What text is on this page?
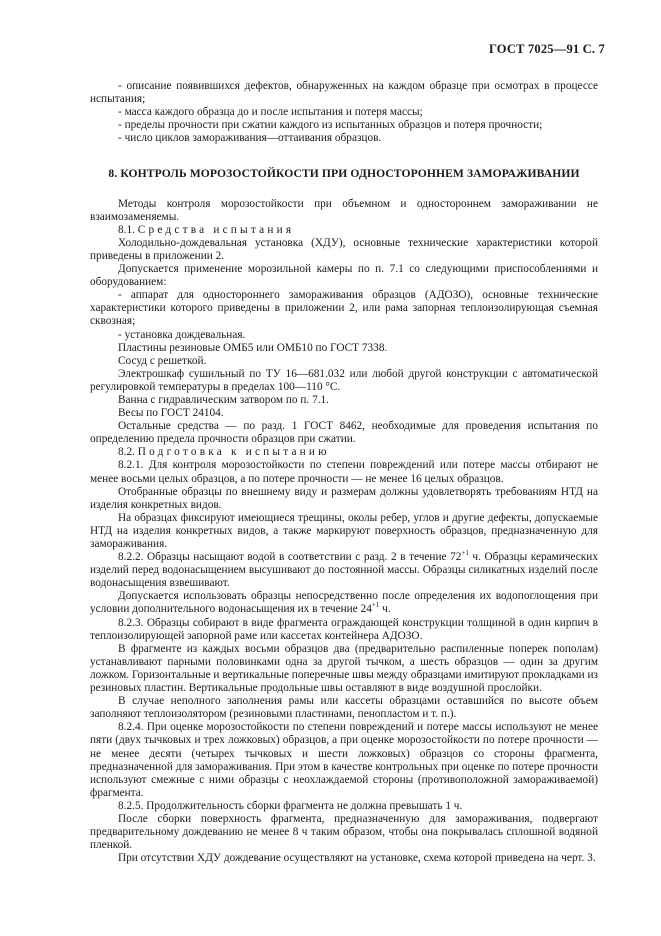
ГОСТ 7025—91 С. 7

- описание появившихся дефектов, обнаруженных на каждом образце при осмотрах в процессе испытания;

- масса каждого образца до и после испытания и потеря массы;

- пределы прочности при сжатии каждого из испытанных образцов и потеря прочности;

- число циклов замораживания—оттаивания образцов.

8. КОНТРОЛЬ МОРОЗОСТОЙКОСТИ ПРИ ОДНОСТОРОННЕМ ЗАМОРАЖИВАНИИ

Методы контроля морозостойкости при объемном и одностороннем замораживании не взаимозаменяемы.

8.1. Средства испытания

Холодильно-дождевальная установка (ХДУ), основные технические характеристики которой приведены в приложении 2.

Допускается применение морозильной камеры по п. 7.1 со следующими приспособлениями и оборудованием:

- аппарат для одностороннего замораживания образцов (АДОЗО), основные технические характеристики которого приведены в приложении 2, или рама запорная теплоизолирующая съемная сквозная;

- установка дождевальная.

Пластины резиновые ОМБ5 или ОМБ10 по ГОСТ 7338.

Сосуд с решеткой.

Электрошкаф сушильный по ТУ 16—681.032 или любой другой конструкции с автоматической регулировкой температуры в пределах 100—110 °С.

Ванна с гидравлическим затвором по п. 7.1.

Весы по ГОСТ 24104.

Остальные средства — по разд. 1 ГОСТ 8462, необходимые для проведения испытания по определению предела прочности образцов при сжатии.

8.2. Подготовка к испытанию

8.2.1. Для контроля морозостойкости по степени повреждений или потере массы отбирают не менее восьми целых образцов, а по потере прочности — не менее 16 целых образцов.

Отобранные образцы по внешнему виду и размерам должны удовлетворять требованиям НТД на изделия конкретных видов.

На образцах фиксируют имеющиеся трещины, околы ребер, углов и другие дефекты, допускаемые НТД на изделия конкретных видов, а также маркируют поверхность образцов, предназначенную для замораживания.

8.2.2. Образцы насыщают водой в соответствии с разд. 2 в течение $72^{+1}$ ч. Образцы керамических изделий перед водонасыщением высушивают до постоянной массы. Образцы силикатных изделий после водонасыщения взвешивают.

Допускается использовать образцы непосредственно после определения их водопоглощения при условии дополнительного водонасыщения их в течение $24^{+1}$ ч.

8.2.3. Образцы собирают в виде фрагмента ограждающей конструкции толщиной в один кирпич в теплоизолирующей запорной раме или кассетах контейнера АДОЗО.

В фрагменте из каждых восьми образцов два (предварительно распиленные поперек пополам) устанавливают парными половинками одна за другой тычком, а шесть образцов — один за другим ложком. Горизонтальные и вертикальные поперечные швы между образцами имитируют прокладками из резиновых пластин. Вертикальные продольные швы оставляют в виде воздушной прослойки.

В случае неполного заполнения рамы или кассеты образцами оставшийся по высоте объем заполняют теплоизолятором (резиновыми пластинами, пенопластом и т. п.).

8.2.4. При оценке морозостойкости по степени повреждений и потере массы используют не менее пяти (двух тычковых и трех ложковых) образцов, а при оценке морозостойкости по потере прочности — не менее десяти (четырех тычковых и шести ложковых) образцов со стороны фрагмента, предназначенной для замораживания. При этом в качестве контрольных при оценке по потере прочности используют смежные с ними образцы с неохлаждаемой стороны (противоположной замораживаемой) фрагмента.

8.2.5. Продолжительность сборки фрагмента не должна превышать 1 ч.

После сборки поверхность фрагмента, предназначенную для замораживания, подвергают предварительному дождеванию не менее 8 ч таким образом, чтобы она покрывалась сплошной водяной пленкой.

При отсутствии ХДУ дождевание осуществляют на установке, схема которой приведена на черт. 3.
